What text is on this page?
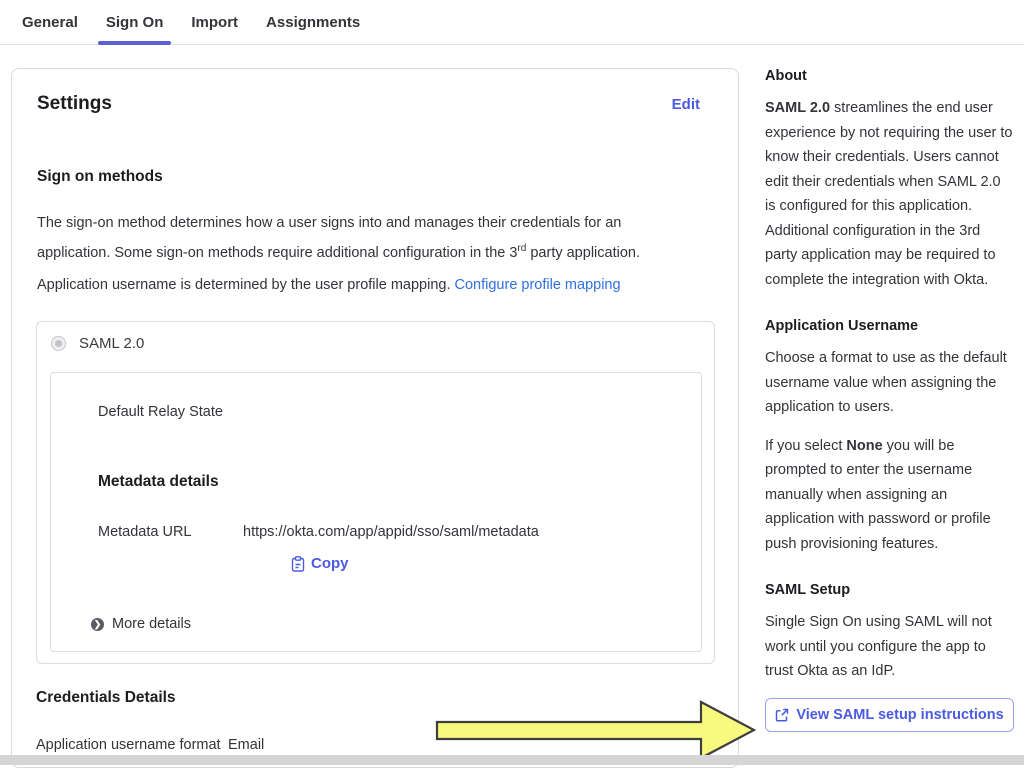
General	Sign On	Import	Assignments
Settings	Edit
Sign on methods
The sign-on method determines how a user signs into and manages their credentials for an application. Some sign-on methods require additional configuration in the 3rd party application.
Application username is determined by the user profile mapping. Configure profile mapping
SAML 2.0
Default Relay State
Metadata details
Metadata URL	https://okta.com/app/appid/sso/saml/metadata
Copy
❯ More details
Credentials Details
Application username format Email
About

SAML 2.0 streamlines the end user experience by not requiring the user to know their credentials. Users cannot edit their credentials when SAML 2.0 is configured for this application. Additional configuration in the 3rd party application may be required to complete the integration with Okta.

Application Username

Choose a format to use as the default username value when assigning the application to users.

If you select None you will be prompted to enter the username manually when assigning an application with password or profile push provisioning features.

SAML Setup

Single Sign On using SAML will not work until you configure the app to trust Okta as an IdP.

View SAML setup instructions
